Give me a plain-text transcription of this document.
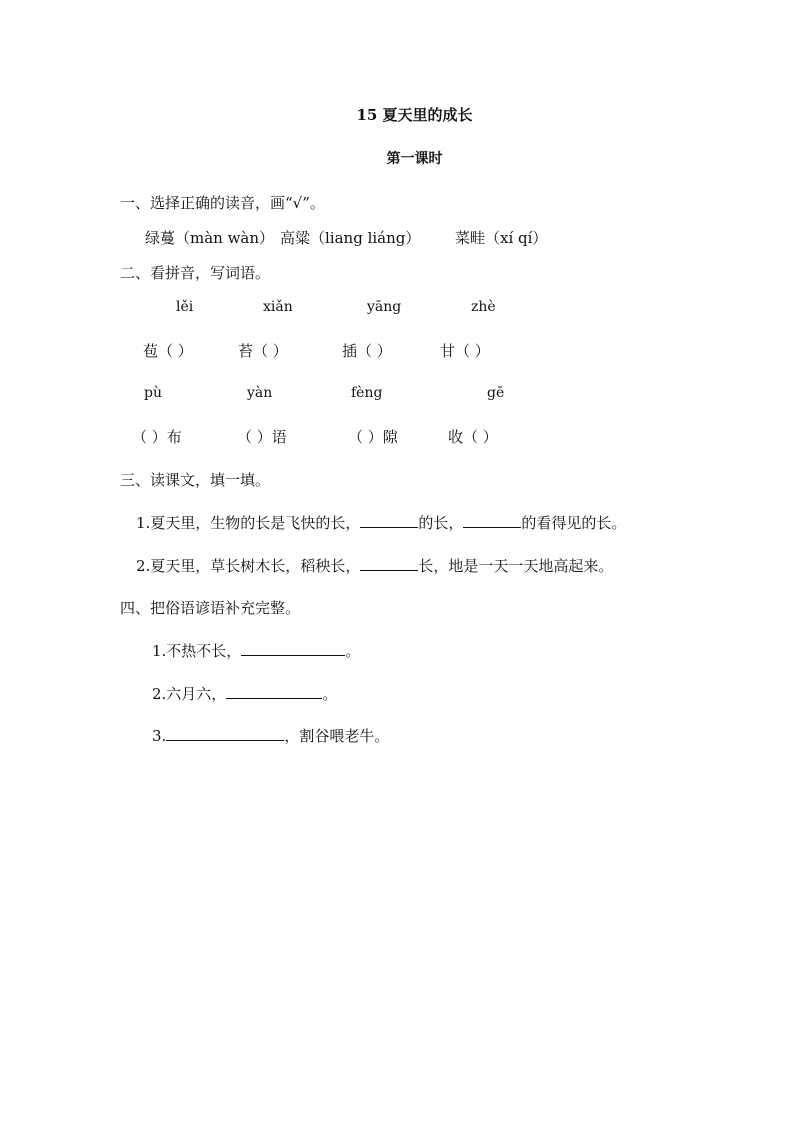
15 夏天里的成长
第一课时
一、选择正确的读音，画“√”。
绿蔓（màn wàn） 高粱（liang liáng） 菜畦（xí qí）
二、看拼音，写词语。
lěi	xiǎn	yāng	zhè
苞（ ）	苔（ ）	插（ ）	甘（ ）
pù	yàn	fèng	gē
（ ）布	（ ）语	（ ）隙	收（ ）
三、读课文，填一填。
1.夏天里，生物的长是飞快的长，	的长，	的看得见的长。
2.夏天里，草长树木长，稻秧长，	长，地是一天一天地高起来。
四、把俗语谚语补充完整。
1.不热不长，	。
2.六月六，	。
3.	，割谷喂老牛。
